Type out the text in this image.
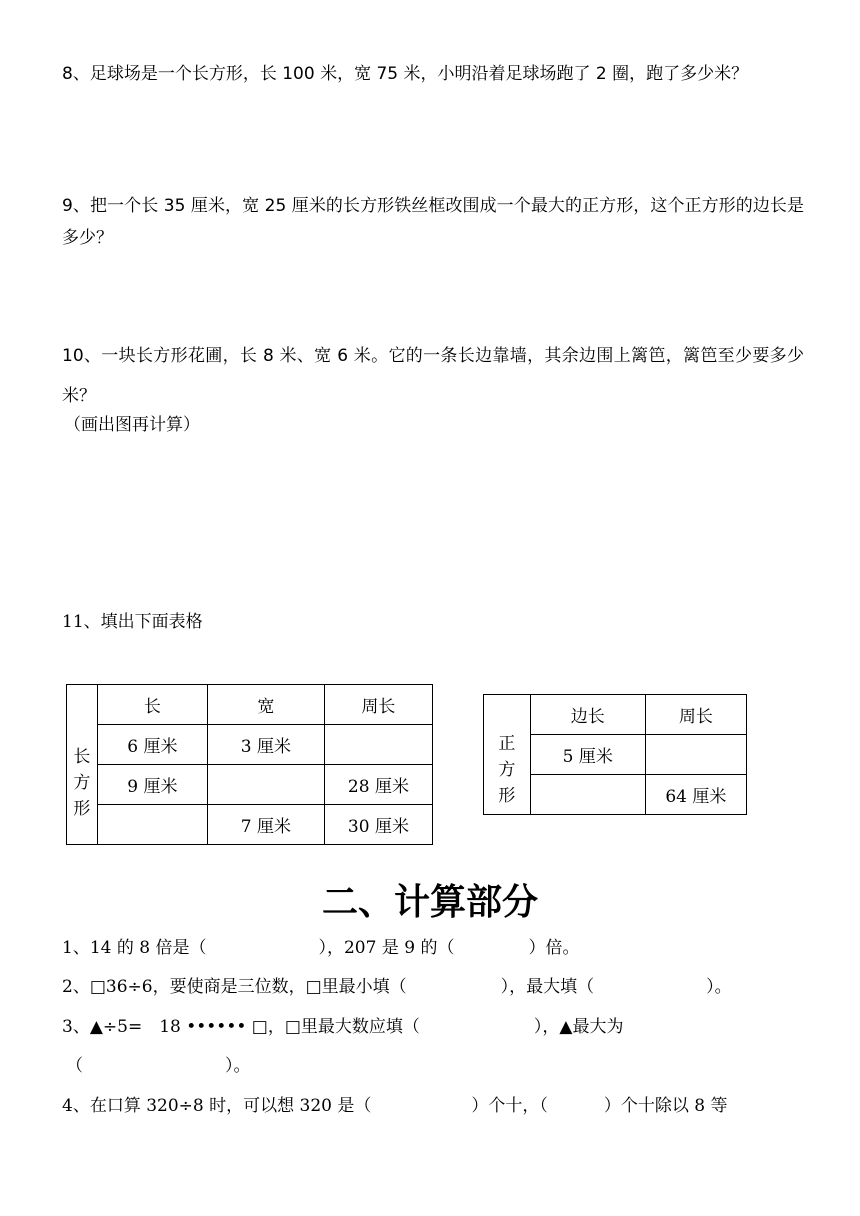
8、足球场是一个长方形，长 100 米，宽 75 米，小明沿着足球场跑了 2 圈，跑了多少米？

9、把一个长 35 厘米，宽 25 厘米的长方形铁丝框改围成一个最大的正方形，这个正方形的边长是多少？

10、一块长方形花圃，长 8 米、宽 6 米。它的一条长边靠墙，其余边围上篱笆，篱笆至少要多少米？

（画出图再计算）

11、填出下面表格

长
方
形	长	宽	周长
	6 厘米	3 厘米	
	9 厘米		28 厘米
		7 厘米	30 厘米
正
方
形	边长	周长
	5 厘米	
		64 厘米
二、计算部分

1、14 的 8 倍是（	），207 是 9 的（	）倍。

2、□36÷6，要使商是三位数，□里最小填（	），最大填（	）。

3、▲÷5=　18 •••••• □，□里最大数应填（	），▲最大为

（	）。

4、在口算 320÷8 时，可以想 320 是（	）个十，（	）个十除以 8 等
